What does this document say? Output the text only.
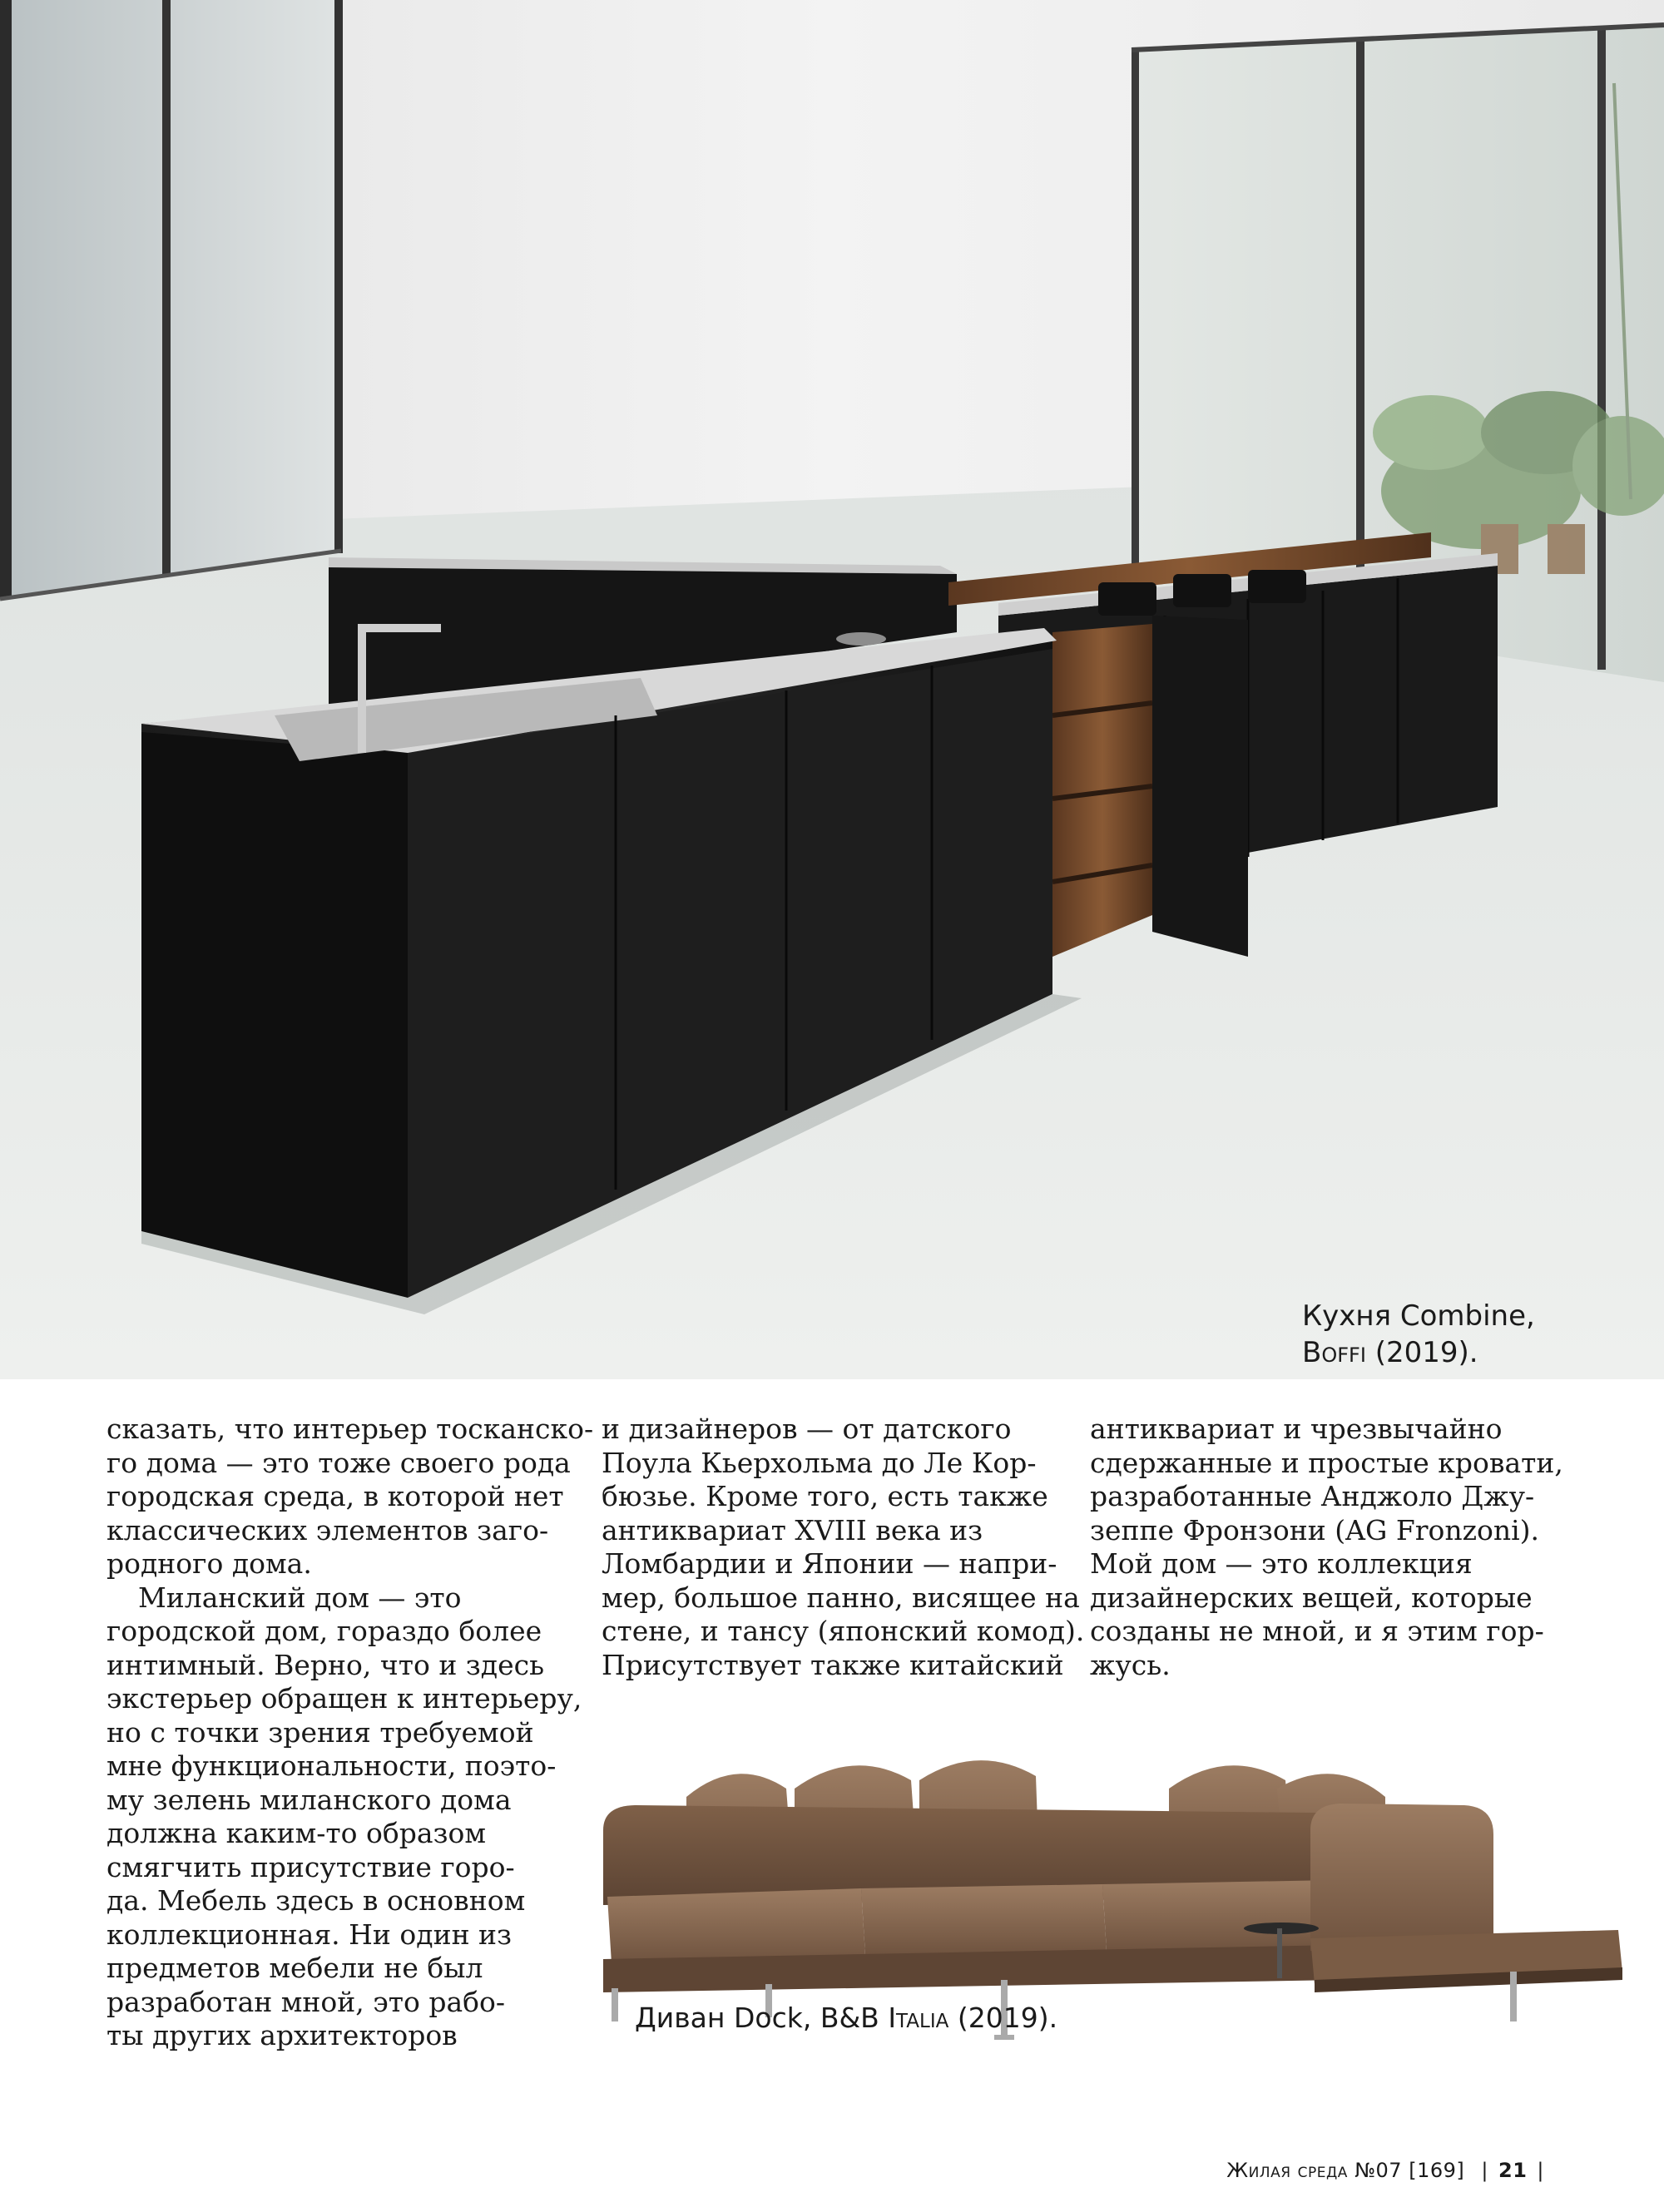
Кухня Combine,
Boffi (2019).

сказать, что интерьер тосканско-
го дома — это тоже своего рода
городская среда, в которой нет
классических элементов заго-
родного дома.

Миланский дом — это
городской дом, гораздо более
интимный. Верно, что и здесь
экстерьер обращен к интерьеру,
но с точки зрения требуемой
мне функциональности, поэто-
му зелень миланского дома
должна каким-то образом
смягчить присутствие горо-
да. Мебель здесь в основном
коллекционная. Ни один из
предметов мебели не был
разработан мной, это рабо-
ты других архитекторов

и дизайнеров — от датского
Поула Кьерхольма до Ле Кор-
бюзье. Кроме того, есть также
антиквариат XVIII века из
Ломбардии и Японии — напри-
мер, большое панно, висящее на
стене, и тансу (японский комод).
Присутствует также китайский

антиквариат и чрезвычайно
сдержанные и простые кровати,
разработанные Анджоло Джу-
зеппе Фронзони (AG Fronzoni).
Мой дом — это коллекция
дизайнерских вещей, которые
созданы не мной, и я этим гор-
жусь.

Диван Dock, B&B Italia (2019).
Жилая среда №07 [169] | 21 |
